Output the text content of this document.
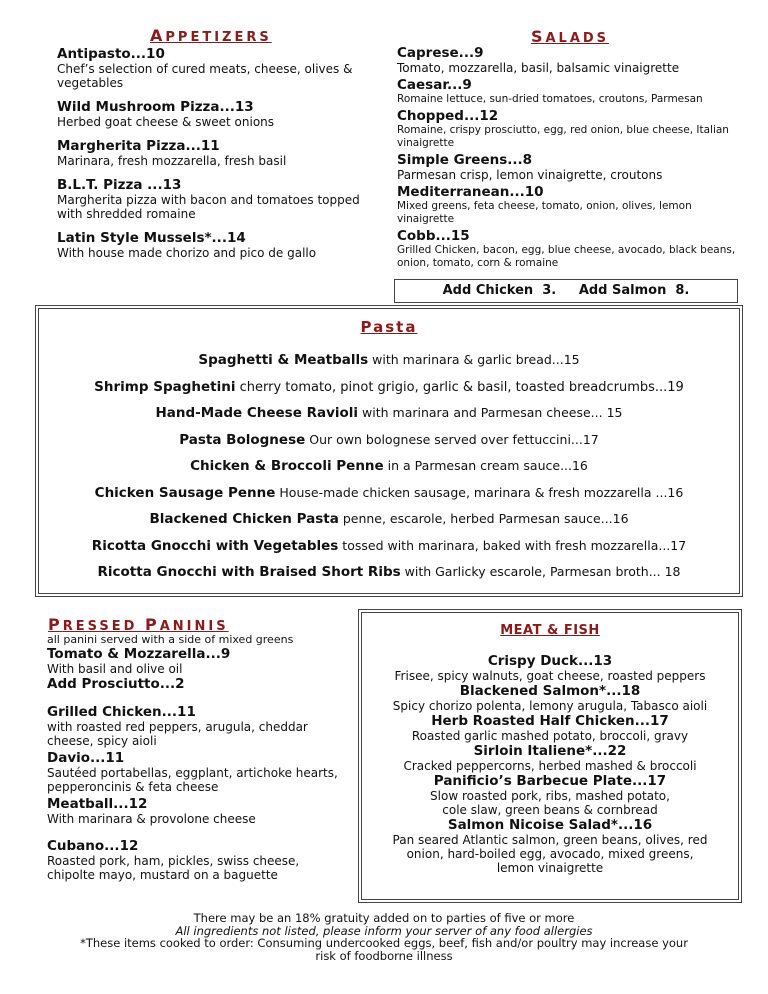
APPETIZERS
Antipasto...10
Chef’s selection of cured meats, cheese, olives & vegetables
Wild Mushroom Pizza...13
Herbed goat cheese & sweet onions
Margherita Pizza...11
Marinara, fresh mozzarella, fresh basil
B.L.T. Pizza ...13
Margherita pizza with bacon and tomatoes topped with shredded romaine
Latin Style Mussels*...14
With house made chorizo and pico de gallo
SALADS
Caprese...9
Tomato, mozzarella, basil, balsamic vinaigrette
Caesar...9
Romaine lettuce, sun-dried tomatoes, croutons, Parmesan
Chopped...12
Romaine, crispy prosciutto, egg, red onion, blue cheese, Italian vinaigrette
Simple Greens...8
Parmesan crisp, lemon vinaigrette, croutons
Mediterranean...10
Mixed greens, feta cheese, tomato, onion, olives, lemon vinaigrette
Cobb...15
Grilled Chicken, bacon, egg, blue cheese, avocado, black beans, onion, tomato, corn & romaine
Add Chicken  3.     Add Salmon  8.
Pasta
Spaghetti & Meatballs with marinara & garlic bread...15
Shrimp Spaghetini cherry tomato, pinot grigio, garlic & basil, toasted breadcrumbs...19
Hand-Made Cheese Ravioli with marinara and Parmesan cheese... 15
Pasta Bolognese Our own bolognese served over fettuccini...17
Chicken & Broccoli Penne in a Parmesan cream sauce...16
Chicken Sausage Penne House-made chicken sausage, marinara & fresh mozzarella ...16
Blackened Chicken Pasta penne, escarole, herbed Parmesan sauce...16
Ricotta Gnocchi with Vegetables tossed with marinara, baked with fresh mozzarella...17
Ricotta Gnocchi with Braised Short Ribs with Garlicky escarole, Parmesan broth... 18
PRESSED PANINIS
all panini served with a side of mixed greens
Tomato & Mozzarella...9
With basil and olive oil
Add Prosciutto...2
Grilled Chicken...11
with roasted red peppers, arugula, cheddar cheese, spicy aioli
Davio...11
Sautéed portabellas, eggplant, artichoke hearts, pepperoncinis & feta cheese
Meatball...12
With marinara & provolone cheese
Cubano...12
Roasted pork, ham, pickles, swiss cheese, chipolte mayo, mustard on a baguette
MEAT & FISH
Crispy Duck...13
Frisee, spicy walnuts, goat cheese, roasted peppers
Blackened Salmon*...18
Spicy chorizo polenta, lemony arugula, Tabasco aioli
Herb Roasted Half Chicken...17
Roasted garlic mashed potato, broccoli, gravy
Sirloin Italiene*...22
Cracked peppercorns, herbed mashed & broccoli
Panificio’s Barbecue Plate...17
Slow roasted pork, ribs, mashed potato, cole slaw, green beans & cornbread
Salmon Nicoise Salad*...16
Pan seared Atlantic salmon, green beans, olives, red onion, hard-boiled egg, avocado, mixed greens, lemon vinaigrette
There may be an 18% gratuity added on to parties of five or more
All ingredients not listed, please inform your server of any food allergies
*These items cooked to order: Consuming undercooked eggs, beef, fish and/or poultry may increase your risk of foodborne illness
